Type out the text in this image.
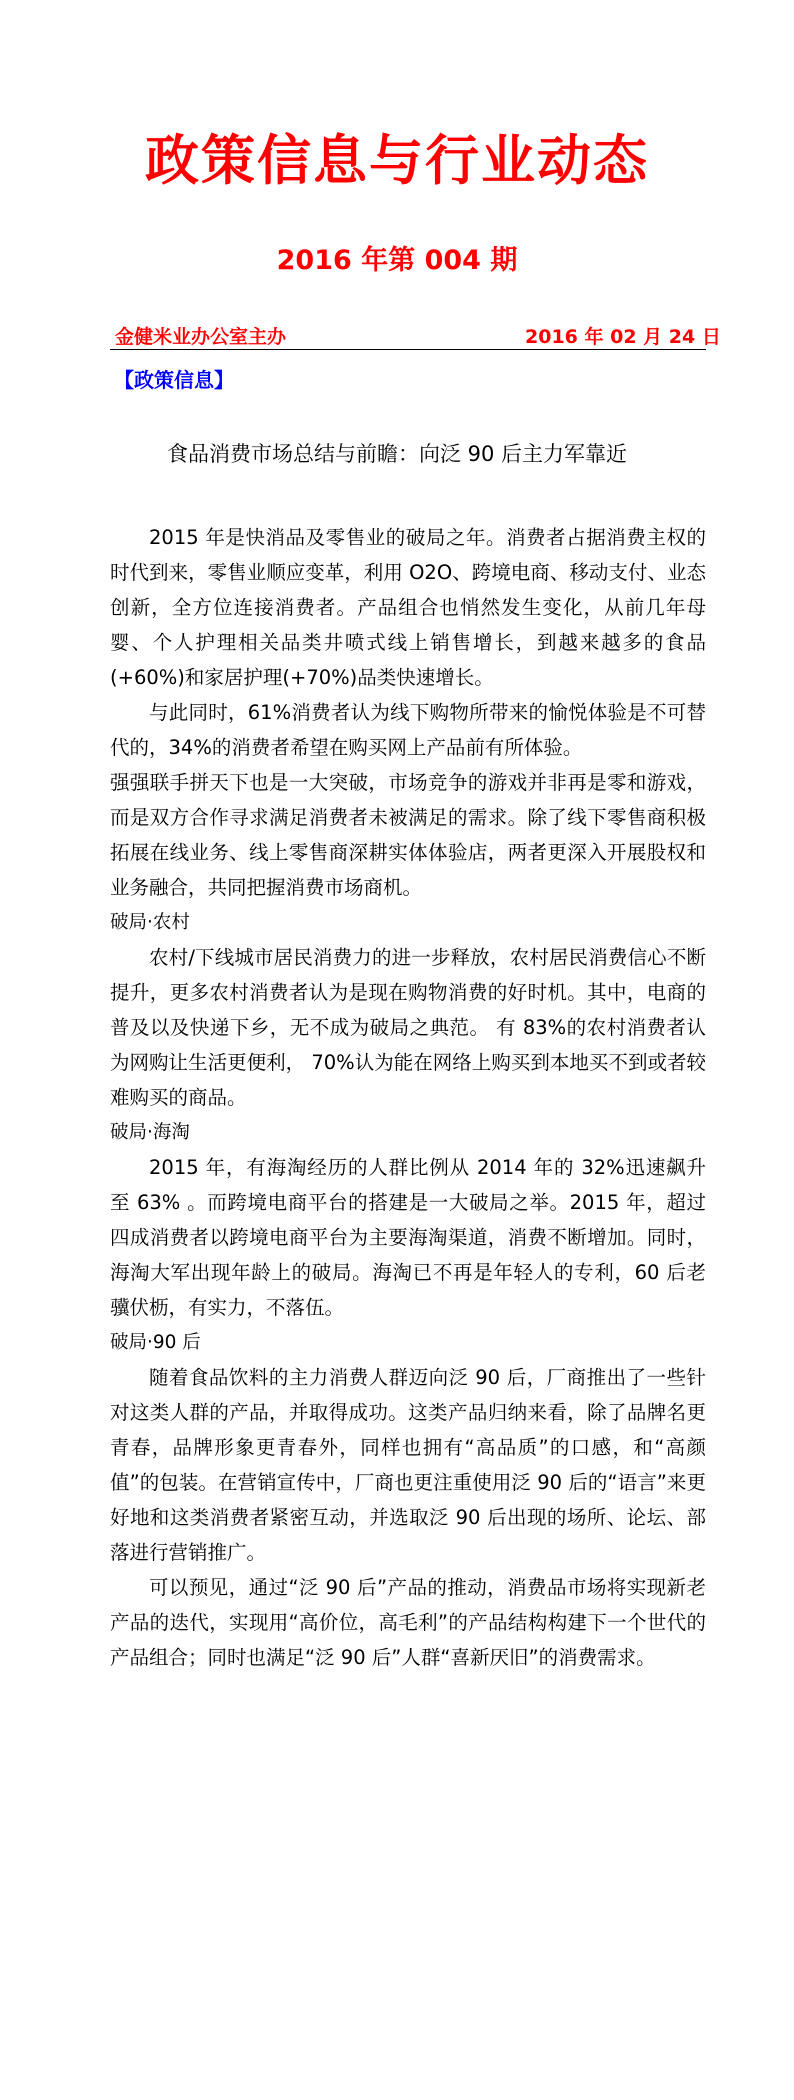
政策信息与行业动态
2016 年第 004 期
金健米业办公室主办	2016 年 02 月 24 日
【政策信息】
食品消费市场总结与前瞻：向泛 90 后主力军靠近

2015 年是快消品及零售业的破局之年。消费者占据消费主权的时代到来，零售业顺应变革，利用 O2O、跨境电商、移动支付、业态创新，全方位连接消费者。产品组合也悄然发生变化，从前几年母婴、个人护理相关品类井喷式线上销售增长，到越来越多的食品(+60%)和家居护理(+70%)品类快速增长。

与此同时，61%消费者认为线下购物所带来的愉悦体验是不可替代的，34%的消费者希望在购买网上产品前有所体验。

强强联手拼天下也是一大突破，市场竞争的游戏并非再是零和游戏，而是双方合作寻求满足消费者未被满足的需求。除了线下零售商积极拓展在线业务、线上零售商深耕实体体验店，两者更深入开展股权和业务融合，共同把握消费市场商机。

破局·农村

农村/下线城市居民消费力的进一步释放，农村居民消费信心不断提升，更多农村消费者认为是现在购物消费的好时机。其中，电商的普及以及快递下乡，无不成为破局之典范。 有 83%的农村消费者认为网购让生活更便利， 70%认为能在网络上购买到本地买不到或者较难购买的商品。

破局·海淘

2015 年，有海淘经历的人群比例从 2014 年的 32%迅速飙升至 63% 。而跨境电商平台的搭建是一大破局之举。2015 年，超过四成消费者以跨境电商平台为主要海淘渠道，消费不断增加。同时，海淘大军出现年龄上的破局。海淘已不再是年轻人的专利，60 后老骥伏枥，有实力，不落伍。

破局·90 后

随着食品饮料的主力消费人群迈向泛 90 后，厂商推出了一些针对这类人群的产品，并取得成功。这类产品归纳来看，除了品牌名更青春，品牌形象更青春外，同样也拥有“高品质”的口感，和“高颜值”的包装。在营销宣传中，厂商也更注重使用泛 90 后的“语言”来更好地和这类消费者紧密互动，并选取泛 90 后出现的场所、论坛、部落进行营销推广。

可以预见，通过“泛 90 后”产品的推动，消费品市场将实现新老产品的迭代，实现用“高价位，高毛利”的产品结构构建下一个世代的产品组合；同时也满足“泛 90 后”人群“喜新厌旧”的消费需求。
